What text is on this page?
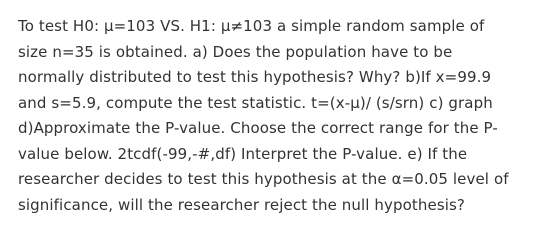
To test H0: μ=103 VS. H1: μ≠103 a simple random sample of
size n=35 is obtained. a) Does the population have to be
normally distributed to test this hypothesis? Why? b)If x=99.9
and s=5.9, compute the test statistic. t=(x-μ)/ (s/srn) c) graph
d)Approximate the P-value. Choose the correct range for the P-
value below. 2tcdf(-99,-#,df) Interpret the P-value. e) If the
researcher decides to test this hypothesis at the α=0.05 level of
significance, will the researcher reject the null hypothesis?
